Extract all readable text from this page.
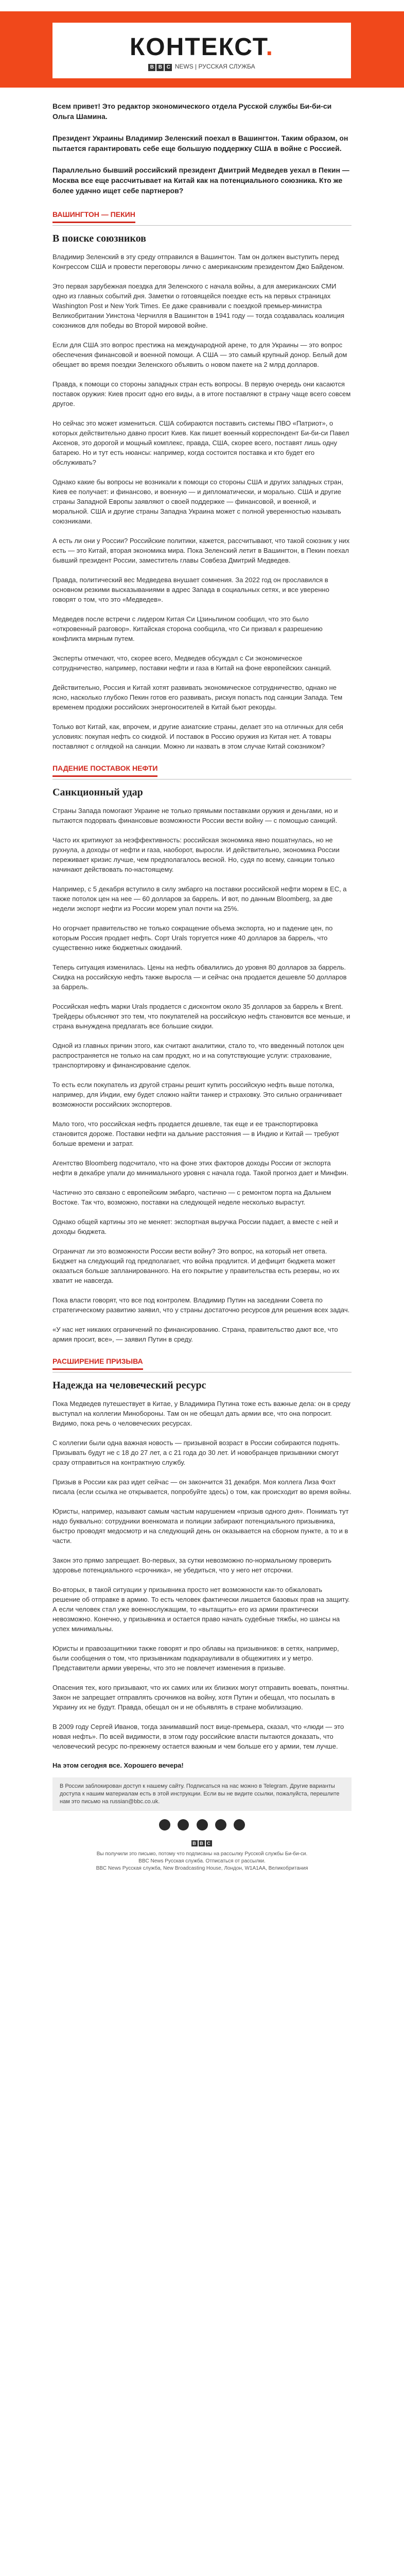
КОНТЕКСТ.
B B C NEWS | РУССКАЯ СЛУЖБА

Всем привет! Это редактор экономического отдела Русской службы Би-би-си Ольга Шамина.

Президент Украины Владимир Зеленский поехал в Вашингтон. Таким образом, он пытается гарантировать себе еще большую поддержку США в войне с Россией.

Параллельно бывший российский президент Дмитрий Медведев уехал в Пекин — Москва все еще рассчитывает на Китай как на потенциального союзника. Кто же более удачно ищет себе партнеров?

ВАШИНГТОН — ПЕКИН
В поиске союзников

Владимир Зеленский в эту среду отправился в Вашингтон. Там он должен выступить перед Конгрессом США и провести переговоры лично с американским президентом Джо Байденом.

Это первая зарубежная поездка для Зеленского с начала войны, а для американских СМИ одно из главных событий дня. Заметки о готовящейся поездке есть на первых страницах Washington Post и New York Times. Ее даже сравнивали с поездкой премьер-министра Великобритании Уинстона Черчилля в Вашингтон в 1941 году — тогда создавалась коалиция союзников для победы во Второй мировой войне.

Если для США это вопрос престижа на международной арене, то для Украины — это вопрос обеспечения финансовой и военной помощи. А США — это самый крупный донор. Белый дом обещает во время поездки Зеленского объявить о новом пакете на 2 млрд долларов.

Правда, к помощи со стороны западных стран есть вопросы. В первую очередь они касаются поставок оружия: Киев просит одно его виды, а в итоге поставляют в страну чаще всего совсем другое.

Но сейчас это может измениться. США собираются поставить системы ПВО «Патриот», о которых действительно давно просит Киев. Как пишет военный корреспондент Би-би-си Павел Аксенов, это дорогой и мощный комплекс, правда, США, скорее всего, поставят лишь одну батарею. Но и тут есть нюансы: например, когда состоится поставка и кто будет его обслуживать?

Однако какие бы вопросы не возникали к помощи со стороны США и других западных стран, Киев ее получает: и финансово, и военную — и дипломатически, и морально. США и другие страны Западной Европы заявляют о своей поддержке — финансовой, и военной, и моральной. США и другие страны Западна Украина может с полной уверенностью называть союзниками.

А есть ли они у России? Российские политики, кажется, рассчитывают, что такой союзник у них есть — это Китай, вторая экономика мира. Пока Зеленский летит в Вашингтон, в Пекин поехал бывший президент России, заместитель главы Совбеза Дмитрий Медведев.

Правда, политический вес Медведева внушает сомнения. За 2022 год он прославился в основном резкими высказываниями в адрес Запада в социальных сетях, и все уверенно говорят о том, что это «Медведев».

Медведев после встречи с лидером Китая Си Цзиньпином сообщил, что это было «откровенный разговор». Китайская сторона сообщила, что Си призвал к разрешению конфликта мирным путем.

Эксперты отмечают, что, скорее всего, Медведев обсуждал с Си экономическое сотрудничество, например, поставки нефти и газа в Китай на фоне европейских санкций.

Действительно, Россия и Китай хотят развивать экономическое сотрудничество, однако не ясно, насколько глубоко Пекин готов его развивать, рискуя попасть под санкции Запада. Тем временем продажи российских энергоносителей в Китай бьют рекорды.

Только вот Китай, как, впрочем, и другие азиатские страны, делает это на отличных для себя условиях: покупая нефть со скидкой. И поставок в Россию оружия из Китая нет. А товары поставляют с оглядкой на санкции. Можно ли назвать в этом случае Китай союзником?

ПАДЕНИЕ ПОСТАВОК НЕФТИ
Санкционный удар

Страны Запада помогают Украине не только прямыми поставками оружия и деньгами, но и пытаются подорвать финансовые возможности России вести войну — с помощью санкций.

Часто их критикуют за неэффективность: российская экономика явно пошатнулась, но не рухнула, а доходы от нефти и газа, наоборот, выросли. И действительно, экономика России переживает кризис лучше, чем предполагалось весной. Но, судя по всему, санкции только начинают действовать по-настоящему.

Например, с 5 декабря вступило в силу эмбарго на поставки российской нефти морем в ЕС, а также потолок цен на нее — 60 долларов за баррель. И вот, по данным Bloomberg, за две недели экспорт нефти из России морем упал почти на 25%.

Но огорчает правительство не только сокращение объема экспорта, но и падение цен, по которым Россия продает нефть. Сорт Urals торгуется ниже 40 долларов за баррель, что существенно ниже бюджетных ожиданий.

Теперь ситуация изменилась. Цены на нефть обвалились до уровня 80 долларов за баррель. Скидка на российскую нефть также выросла — и сейчас она продается дешевле 50 долларов за баррель.

Российская нефть марки Urals продается с дисконтом около 35 долларов за баррель к Brent. Трейдеры объясняют это тем, что покупателей на российскую нефть становится все меньше, и страна вынуждена предлагать все большие скидки.

Одной из главных причин этого, как считают аналитики, стало то, что введенный потолок цен распространяется не только на сам продукт, но и на сопутствующие услуги: страхование, транспортировку и финансирование сделок.

То есть если покупатель из другой страны решит купить российскую нефть выше потолка, например, для Индии, ему будет сложно найти танкер и страховку. Это сильно ограничивает возможности российских экспортеров.

Мало того, что российская нефть продается дешевле, так еще и ее транспортировка становится дороже. Поставки нефти на дальние расстояния — в Индию и Китай — требуют больше времени и затрат.

Агентство Bloomberg подсчитало, что на фоне этих факторов доходы России от экспорта нефти в декабре упали до минимального уровня с начала года. Такой прогноз дает и Минфин.

Частично это связано с европейским эмбарго, частично — с ремонтом порта на Дальнем Востоке. Так что, возможно, поставки на следующей неделе несколько вырастут.

Однако общей картины это не меняет: экспортная выручка России падает, а вместе с ней и доходы бюджета.

Ограничат ли это возможности России вести войну? Это вопрос, на который нет ответа. Бюджет на следующий год предполагает, что война продлится. И дефицит бюджета может оказаться больше запланированного. На его покрытие у правительства есть резервы, но их хватит не навсегда.

Пока власти говорят, что все под контролем. Владимир Путин на заседании Совета по стратегическому развитию заявил, что у страны достаточно ресурсов для решения всех задач.

«У нас нет никаких ограничений по финансированию. Страна, правительство дают все, что армия просит, все», — заявил Путин в среду.

РАСШИРЕНИЕ ПРИЗЫВА
Надежда на человеческий ресурс

Пока Медведев путешествует в Китае, у Владимира Путина тоже есть важные дела: он в среду выступал на коллегии Минобороны. Там он не обещал дать армии все, что она попросит. Видимо, пока речь о человеческих ресурсах.

С коллегии были одна важная новость — призывной возраст в России собираются поднять. Призывать будут не с 18 до 27 лет, а с 21 года до 30 лет. И новобранцев призывники смогут сразу отправиться на контрактную службу.

Призыв в России как раз идет сейчас — он закончится 31 декабря. Моя коллега Лиза Фохт писала (если ссылка не открывается, попробуйте здесь) о том, как происходит во время войны.

Юристы, например, называют самым частым нарушением «призыв одного дня». Понимать тут надо буквально: сотрудники военкомата и полиции забирают потенциального призывника, быстро проводят медосмотр и на следующий день он оказывается на сборном пункте, а то и в части.

Закон это прямо запрещает. Во-первых, за сутки невозможно по-нормальному проверить здоровье потенциального «срочника», не убедиться, что у него нет отсрочки.

Во-вторых, в такой ситуации у призывника просто нет возможности как-то обжаловать решение об отправке в армию. То есть человек фактически лишается базовых прав на защиту. А если человек стал уже военнослужащим, то «вытащить» его из армии практически невозможно. Конечно, у призывника и остается право начать судебные тяжбы, но шансы на успех минимальны.

Юристы и правозащитники также говорят и про облавы на призывников: в сетях, например, были сообщения о том, что призывникам подкарауливали в общежитиях и у метро. Представители армии уверены, что это не повлечет изменения в призыве.

Опасения тех, кого призывают, что их самих или их близких могут отправить воевать, понятны. Закон не запрещает отправлять срочников на войну, хотя Путин и обещал, что посылать в Украину их не будут. Правда, обещал он и не объявлять в стране мобилизацию.

В 2009 году Сергей Иванов, тогда занимавший пост вице-премьера, сказал, что «люди — это новая нефть». По всей видимости, в этом году российские власти пытаются доказать, что человеческий ресурс по-прежнему остается важным и чем больше его у армии, тем лучше.

На этом сегодня все. Хорошего вечера!
В России заблокирован доступ к нашему сайту. Подписаться на нас можно в Telegram. Другие варианты доступа к нашим материалам есть в этой инструкции. Если вы не видите ссылки, пожалуйста, перешлите нам это письмо на russian@bbc.co.uk.

B B C
Вы получили это письмо, потому что подписаны на рассылку Русской службы Би-би-си.
BBC News Русская служба. Отписаться от рассылки.
BBC News Русская служба, New Broadcasting House, Лондон, W1A1AA, Великобритания
